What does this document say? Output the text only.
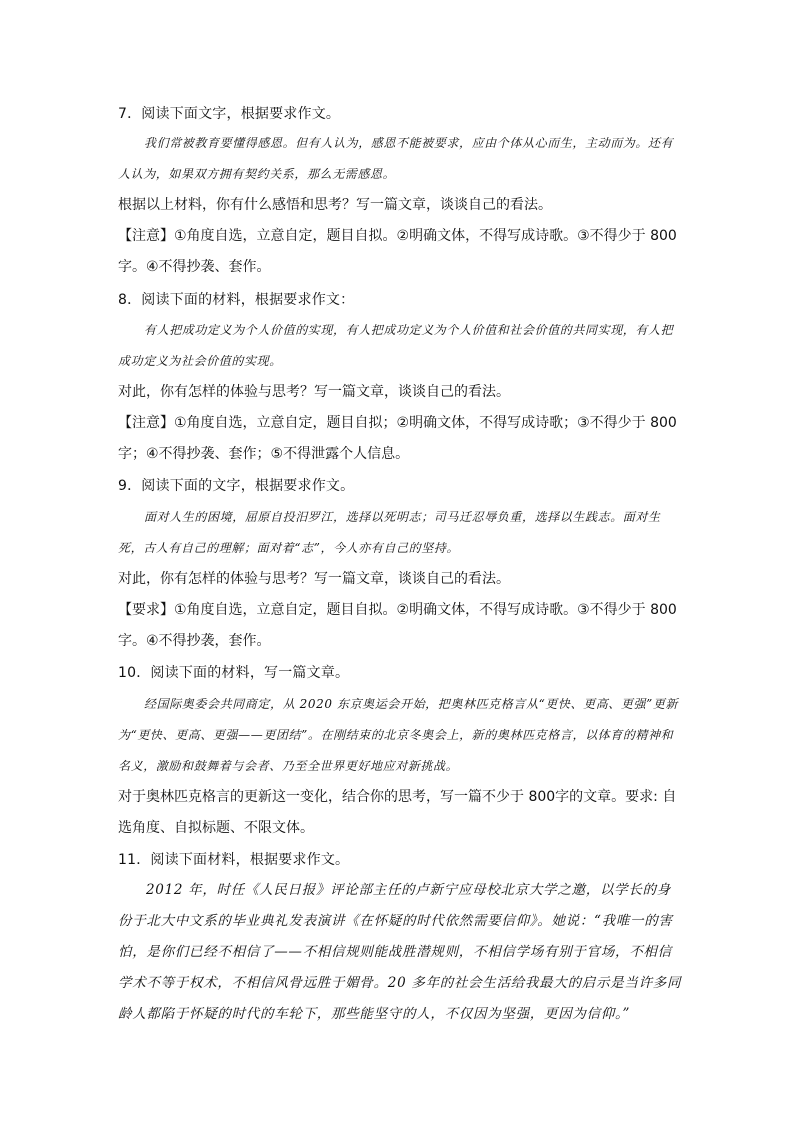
7．阅读下面文字，根据要求作文。

我们常被教育要懂得感恩。但有人认为，感恩不能被要求，应由个体从心而生，主动而为。还有人认为，如果双方拥有契约关系，那么无需感恩。

根据以上材料，你有什么感悟和思考？写一篇文章，谈谈自己的看法。

【注意】①角度自选，立意自定，题目自拟。②明确文体，不得写成诗歌。③不得少于 800字。④不得抄袭、套作。

8．阅读下面的材料，根据要求作文：

有人把成功定义为个人价值的实现，有人把成功定义为个人价值和社会价值的共同实现，有人把成功定义为社会价值的实现。

对此，你有怎样的体验与思考？写一篇文章，谈谈自己的看法。

【注意】①角度自选，立意自定，题目自拟；②明确文体，不得写成诗歌；③不得少于 800字；④不得抄袭、套作；⑤不得泄露个人信息。

9．阅读下面的文字，根据要求作文。

面对人生的困境，屈原自投汨罗江，选择以死明志；司马迁忍辱负重，选择以生践志。面对生死，古人有自己的理解；面对着“志”，今人亦有自己的坚持。

对此，你有怎样的体验与思考？写一篇文章，谈谈自己的看法。

【要求】①角度自选，立意自定，题目自拟。②明确文体，不得写成诗歌。③不得少于 800字。④不得抄袭，套作。

10．阅读下面的材料，写一篇文章。

经国际奥委会共同商定，从 2020 东京奥运会开始，把奥林匹克格言从“更快、更高、更强”更新为“更快、更高、更强——更团结”。在刚结束的北京冬奥会上，新的奥林匹克格言，以体育的精神和名义，激励和鼓舞着与会者、乃至全世界更好地应对新挑战。

对于奥林匹克格言的更新这一变化，结合你的思考，写一篇不少于 800字的文章。要求: 自选角度、自拟标题、不限文体。

11．阅读下面材料，根据要求作文。

2012 年，时任《人民日报》评论部主任的卢新宁应母校北京大学之邀，以学长的身份于北大中文系的毕业典礼发表演讲《在怀疑的时代依然需要信仰》。她说：“我唯一的害怕，是你们已经不相信了——不相信规则能战胜潜规则，不相信学场有别于官场，不相信学术不等于权术，不相信风骨远胜于媚骨。20 多年的社会生活给我最大的启示是当许多同龄人都陷于怀疑的时代的车轮下，那些能坚守的人，不仅因为坚强，更因为信仰。”
